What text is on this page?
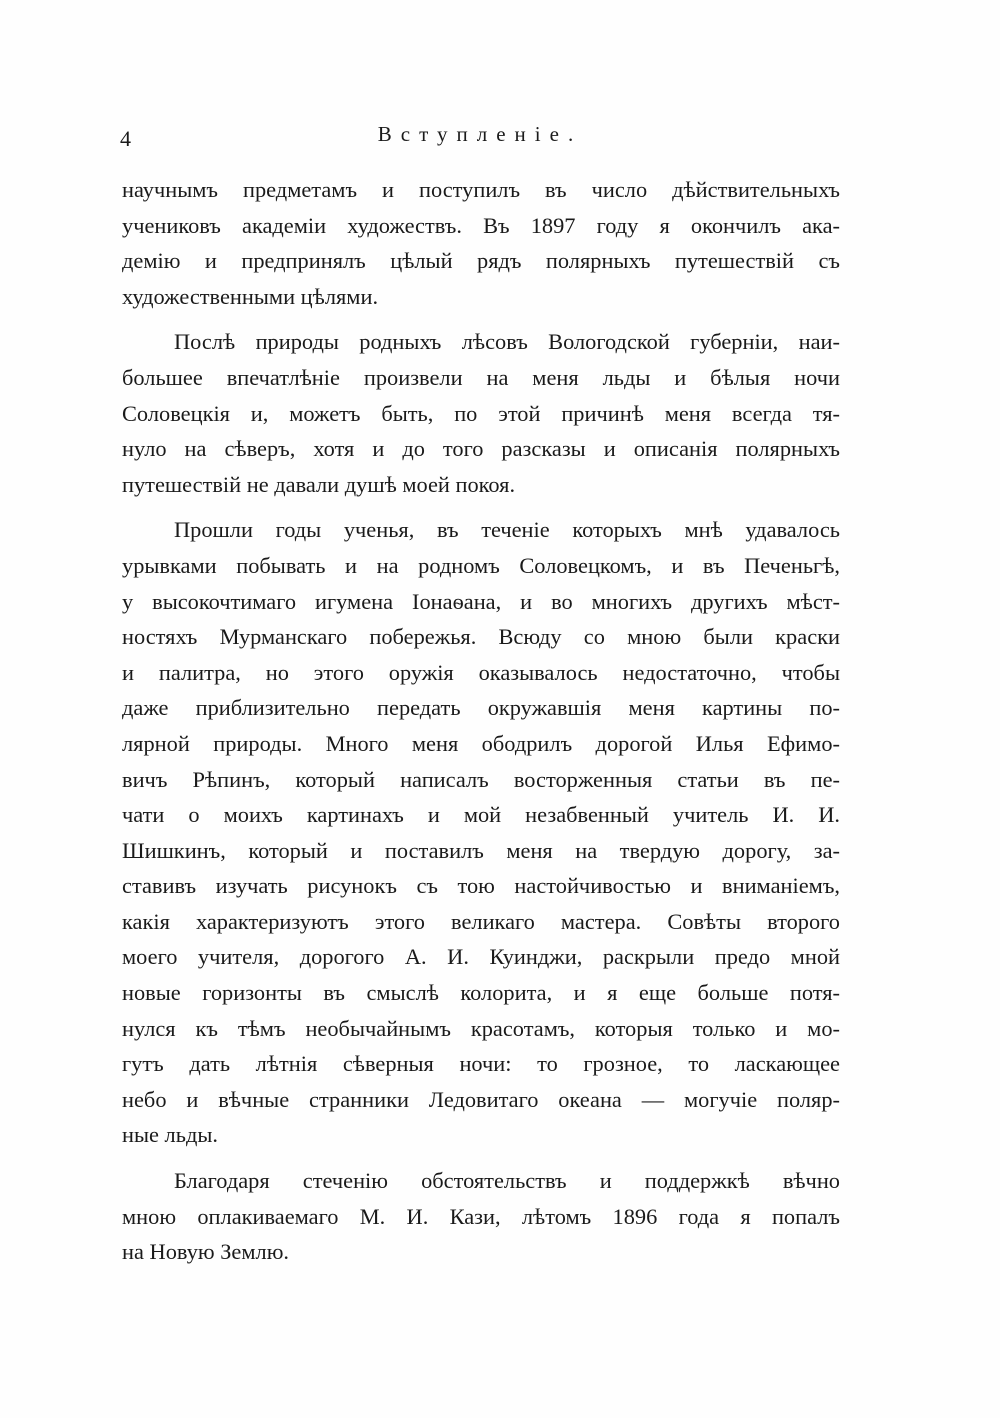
4	Вступленіе.
научнымъ предметамъ и поступилъ въ число дѣйствительныхъ
учениковъ академіи художествъ. Въ 1897 году я окончилъ ака-
демію и предпринялъ цѣлый рядъ полярныхъ путешествій съ
художественными цѣлями.
Послѣ природы родныхъ лѣсовъ Вологодской губерніи, наи-
большее впечатлѣніе произвели на меня льды и бѣлыя ночи
Соловецкія и, можетъ быть, по этой причинѣ меня всегда тя-
нуло на сѣверъ, хотя и до того разсказы и описанія полярныхъ
путешествій не давали душѣ моей покоя.
Прошли годы ученья, въ теченіе которыхъ мнѣ удавалось
урывками побывать и на родномъ Соловецкомъ, и въ Печеньгѣ,
у высокочтимаго игумена Іонаѳана, и во многихъ другихъ мѣст-
ностяхъ Мурманскаго побережья. Всюду со мною были краски
и палитра, но этого оружія оказывалось недостаточно, чтобы
даже приблизительно передать окружавшія меня картины по-
лярной природы. Много меня ободрилъ дорогой Илья Ефимо-
вичъ Рѣпинъ, который написалъ восторженныя статьи въ пе-
чати о моихъ картинахъ и мой незабвенный учитель И. И.
Шишкинъ, который и поставилъ меня на твердую дорогу, за-
ставивъ изучать рисунокъ съ тою настойчивостью и вниманіемъ,
какія характеризуютъ этого великаго мастера. Совѣты второго
моего учителя, дорогого А. И. Куинджи, раскрыли предо мной
новые горизонты въ смыслѣ колорита, и я еще больше потя-
нулся къ тѣмъ необычайнымъ красотамъ, которыя только и мо-
гутъ дать лѣтнія сѣверныя ночи: то грозное, то ласкающее
небо и вѣчные странники Ледовитаго океана — могучіе поляр-
ные льды.
Благодаря стеченію обстоятельствъ и поддержкѣ вѣчно
мною оплакиваемаго М. И. Кази, лѣтомъ 1896 года я попалъ
на Новую Землю.
